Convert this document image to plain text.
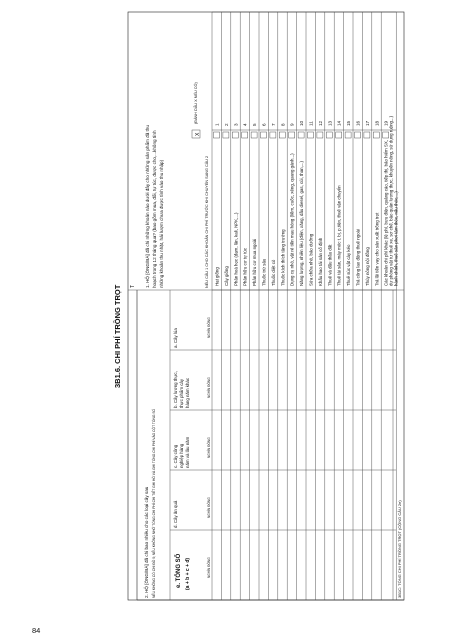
84
3B1.6. CHI PHÍ TRỒNG TRỌT T 1. HỘ [ÔNG/BÀ] đã chi những khoản nào dưới đây cho những sản phẩm đã thu hoạch trong 12 tháng qua? (bao gồm mua, đổi, tự túc, được cho,...không tính những khoản thu nhặt, hái lượm chưa được tính vào thu nhập)
(ĐÁNH DẤU X NẾU CÓ)
X
NẾU CÂU 1 CHO CÁC KHOẢN CHI PHÍ TRƯỚC KHI CHUYỂN SANG CÂU 2
2. HỘ [ÔNG/BÀ] đã chi bao nhiêu cho các loại cây sau NẾU KHÔNG CÓ CHI ĐỒ 0; NẾU KHÔNG NHỚ TỔNG CHI PHÍ CHI TIẾT GHI HỒ VÀ GHI TỔNG CHI PHÍ VÀO CỘT TỔNG SỐ
a. Cây lúa
b. Cây lương thực, thực phẩm cây hàng năm khác
c. Cây công nghiệp hàng năm và lâu năm
d. Cây ăn quả
e. TỔNG SỐ (a + b + c + d)
NGHÌN ĐỒNG
NGHÌN ĐỒNG
NGHÌN ĐỒNG
NGHÌN ĐỒNG
NGHÌN ĐỒNG
1
Hạt giống
2
Cây giống
3
Phân hoá học (đạm, lân, kali, NPK,...)
4
Phân hữu cơ tự túc
5
Phân hữu cơ mua ngoài
6
Thuốc trừ sâu
7
Thuốc diệt cỏ
8
Thuốc kích thích tăng trưởng
9
Dụng cụ nhỏ, vật rẻ tiền mau hỏng (liềm, cuốc, xẻng, quang gánh...)
10
Năng lượng, nhiên liệu (điện, xăng, dầu diesel, gas, củi, than,...)
11
Sửa chữa nhỏ, bảo dưỡng
12
Khấu hao tài sản cố định
13
Thuê và đấu thầu đất
14
Thuê tài sản, máy móc t. bị, p.tiện, thuê vận chuyển
15
Thuê súc vật cày kéo
16
Trả công lao động thuê ngoài
17
Thủy nông nội đồng
18
Trả lãi tiền vay cho sản xuất trồng trọt
19
Các khoản chi phí khác (lệ phí, bưu điện, quảng cáo, tiếp thị, bảo hiểm SX, dự phòng vật tư thuê xe, sơ chế, bảo quản lương thực, khuyến nông, sử dụng ruộng...) hành chính, thuê sân phơi tâm thóc, nấu thóc,...)
3B1C: TỔNG CHI PHÍ TRỒNG TRỌT (CỘNG CÂU 2e)
